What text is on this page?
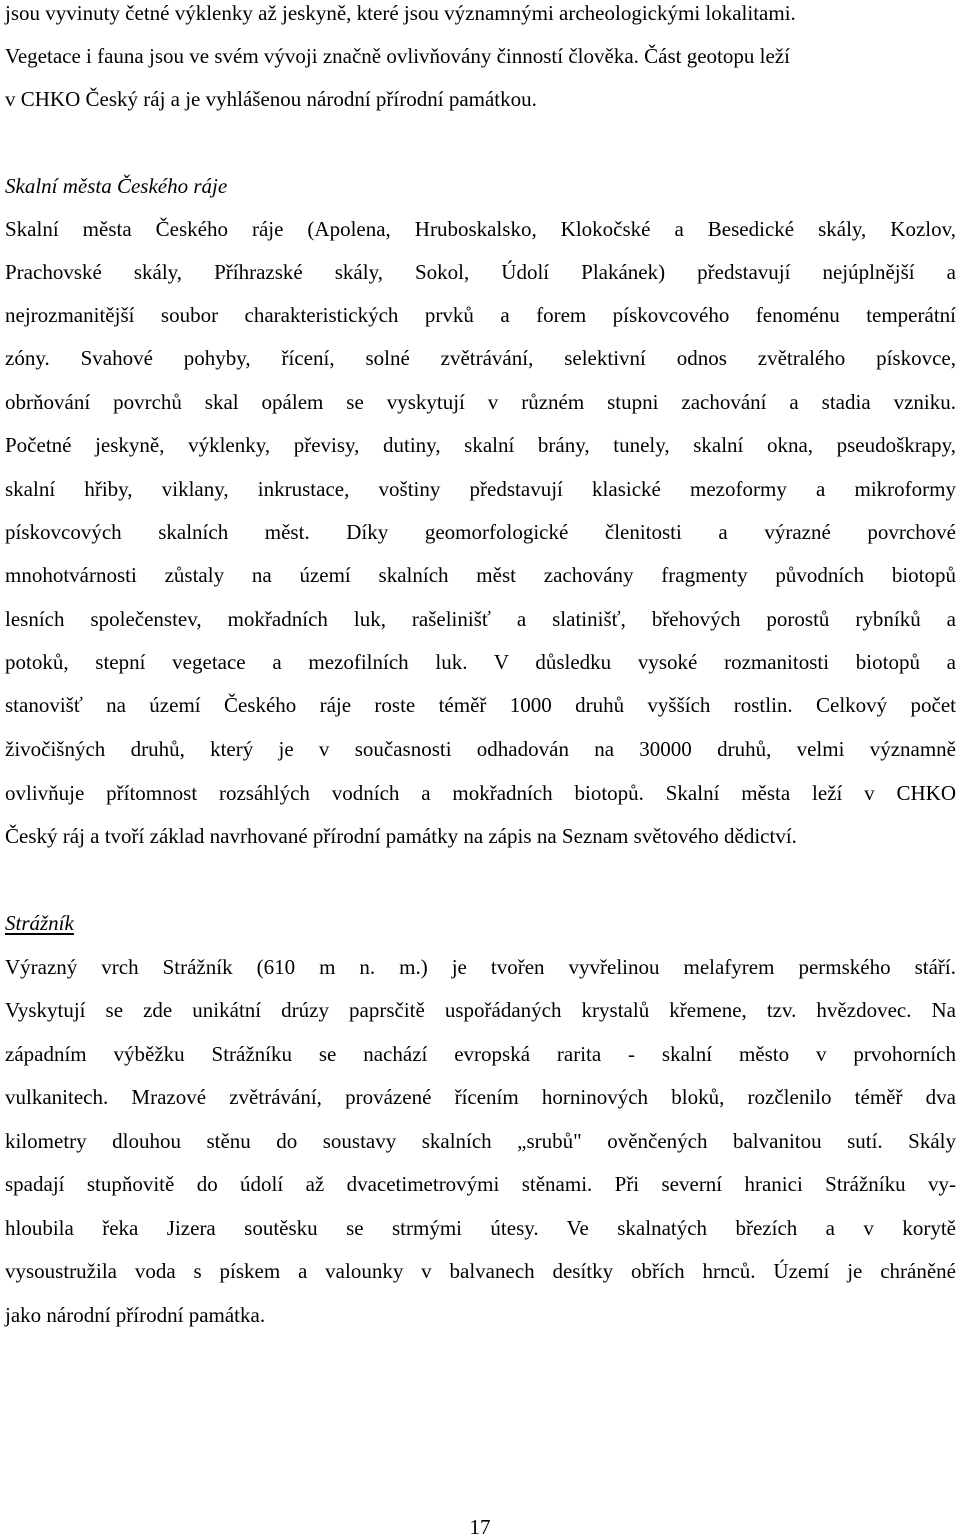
jsou vyvinuty četné výklenky až jeskyně, které jsou významnými archeologickými lokalitami.
Vegetace i fauna jsou ve svém vývoji značně ovlivňovány činností člověka. Část geotopu leží
v CHKO Český ráj a je vyhlášenou národní přírodní památkou.
Skalní města Českého ráje
Skalní města Českého ráje (Apolena, Hruboskalsko, Klokočské a Besedické skály, Kozlov,
Prachovské skály, Příhrazské skály, Sokol, Údolí Plakánek) představují nejúplnější a
nejrozmanitější soubor charakteristických prvků a forem pískovcového fenoménu temperátní
zóny. Svahové pohyby, řícení, solné zvětrávání, selektivní odnos zvětralého pískovce,
obrňování povrchů skal opálem se vyskytují v různém stupni zachování a stadia vzniku.
Početné jeskyně, výklenky, převisy, dutiny, skalní brány, tunely, skalní okna, pseudoškrapy,
skalní hřiby, viklany, inkrustace, voštiny představují klasické mezoformy a mikroformy
pískovcových skalních měst. Díky geomorfologické členitosti a výrazné povrchové
mnohotvárnosti zůstaly na území skalních měst zachovány fragmenty původních biotopů
lesních společenstev, mokřadních luk, rašelinišť a slatinišť, břehových porostů rybníků a
potoků, stepní vegetace a mezofilních luk. V důsledku vysoké rozmanitosti biotopů a
stanovišť na území Českého ráje roste téměř 1000 druhů vyšších rostlin. Celkový počet
živočišných druhů, který je v současnosti odhadován na 30000 druhů, velmi významně
ovlivňuje přítomnost rozsáhlých vodních a mokřadních biotopů. Skalní města leží v CHKO
Český ráj a tvoří základ navrhované přírodní památky na zápis na Seznam světového dědictví.
Strážník
Výrazný vrch Strážník (610 m n. m.) je tvořen vyvřelinou melafyrem permského stáří.
Vyskytují se zde unikátní drúzy paprsčitě uspořádaných krystalů křemene, tzv. hvězdovec. Na
západním výběžku Strážníku se nachází evropská rarita - skalní město v prvohorních
vulkanitech. Mrazové zvětrávání, provázené řícením horninových bloků, rozčlenilo téměř dva
kilometry dlouhou stěnu do soustavy skalních „srubů" ověnčených balvanitou sutí. Skály
spadají stupňovitě do údolí až dvacetimetrovými stěnami. Při severní hranici Strážníku vy-
hloubila řeka Jizera soutěsku se strmými útesy. Ve skalnatých březích a v korytě
vysoustružila voda s pískem a valounky v balvanech desítky obřích hrnců. Území je chráněné
jako národní přírodní památka.
17
